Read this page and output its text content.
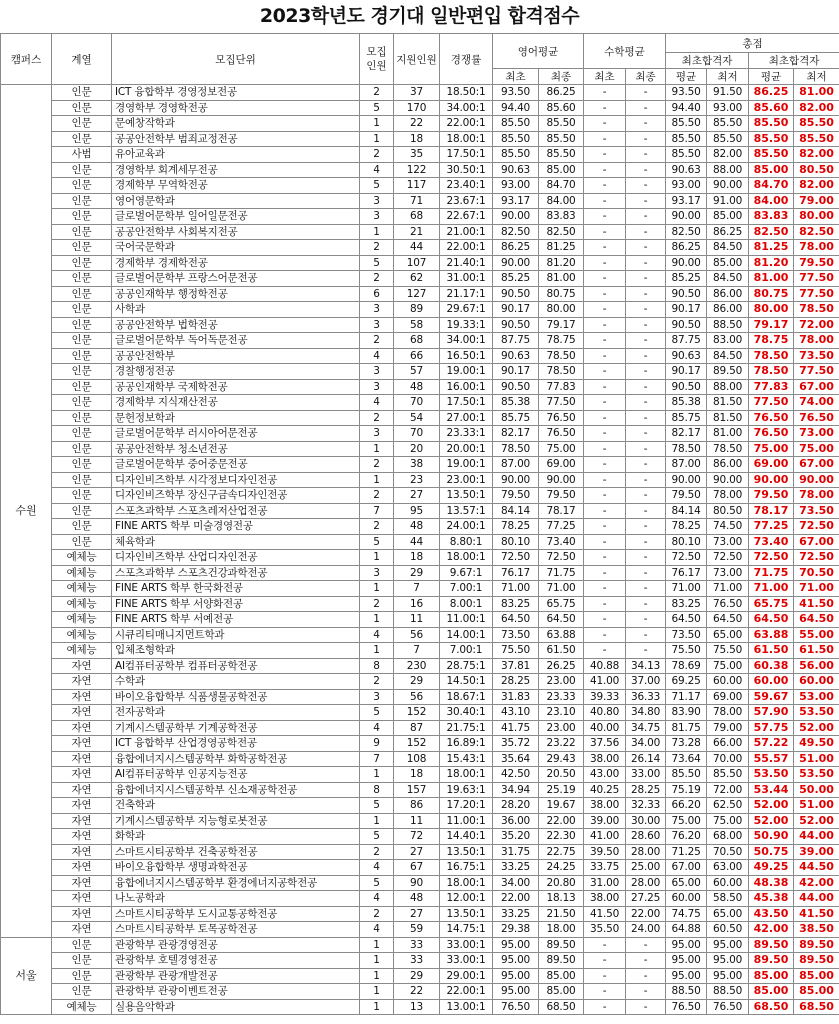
2023학년도 경기대 일반편입 합격점수
캠퍼스	계열	모집단위	모집
인원	지원인원	경쟁률	영어평균		수학평균		총점			
										최초합격자		최초합격자	
						최초	최종	최초	최종	평균	최저	평균	최저
수원	인문	ICT 융합학부 경영정보전공	2	37	18.50:1	93.50	86.25	-	-	93.50	91.50	86.25	81.00
	인문	경영학부 경영학전공	5	170	34.00:1	94.40	85.60	-	-	94.40	93.00	85.60	82.00
	인문	문예창작학과	1	22	22.00:1	85.50	85.50	-	-	85.50	85.50	85.50	85.50
	인문	공공안전학부 범죄교정전공	1	18	18.00:1	85.50	85.50	-	-	85.50	85.50	85.50	85.50
	사범	유아교육과	2	35	17.50:1	85.50	85.50	-	-	85.50	82.00	85.50	82.00
	인문	경영학부 회계세무전공	4	122	30.50:1	90.63	85.00	-	-	90.63	88.00	85.00	80.50
	인문	경제학부 무역학전공	5	117	23.40:1	93.00	84.70	-	-	93.00	90.00	84.70	82.00
	인문	영어영문학과	3	71	23.67:1	93.17	84.00	-	-	93.17	91.00	84.00	79.00
	인문	글로벌어문학부 일어일문전공	3	68	22.67:1	90.00	83.83	-	-	90.00	85.00	83.83	80.00
	인문	공공안전학부 사회복지전공	1	21	21.00:1	82.50	82.50	-	-	82.50	86.25	82.50	82.50
	인문	국어국문학과	2	44	22.00:1	86.25	81.25	-	-	86.25	84.50	81.25	78.00
	인문	경제학부 경제학전공	5	107	21.40:1	90.00	81.20	-	-	90.00	85.00	81.20	79.50
	인문	글로벌어문학부 프랑스어문전공	2	62	31.00:1	85.25	81.00	-	-	85.25	84.50	81.00	77.50
	인문	공공인재학부 행정학전공	6	127	21.17:1	90.50	80.75	-	-	90.50	86.00	80.75	77.50
	인문	사학과	3	89	29.67:1	90.17	80.00	-	-	90.17	86.00	80.00	78.50
	인문	공공안전학부 법학전공	3	58	19.33:1	90.50	79.17	-	-	90.50	88.50	79.17	72.00
	인문	글로벌어문학부 독어독문전공	2	68	34.00:1	87.75	78.75	-	-	87.75	83.00	78.75	78.00
	인문	공공안전학부	4	66	16.50:1	90.63	78.50	-	-	90.63	84.50	78.50	73.50
	인문	경찰행정전공	3	57	19.00:1	90.17	78.50	-	-	90.17	89.50	78.50	77.50
	인문	공공인재학부 국제학전공	3	48	16.00:1	90.50	77.83	-	-	90.50	88.00	77.83	67.00
	인문	경제학부 지식재산전공	4	70	17.50:1	85.38	77.50	-	-	85.38	81.50	77.50	74.00
	인문	문헌정보학과	2	54	27.00:1	85.75	76.50	-	-	85.75	81.50	76.50	76.50
	인문	글로벌어문학부 러시아어문전공	3	70	23.33:1	82.17	76.50	-	-	82.17	81.00	76.50	73.00
	인문	공공안전학부 청소년전공	1	20	20.00:1	78.50	75.00	-	-	78.50	78.50	75.00	75.00
	인문	글로벌어문학부 중어중문전공	2	38	19.00:1	87.00	69.00	-	-	87.00	86.00	69.00	67.00
	인문	디자인비즈학부 시각정보디자인전공	1	23	23.00:1	90.00	90.00	-	-	90.00	90.00	90.00	90.00
	인문	디자인비즈학부 장신구금속디자인전공	2	27	13.50:1	79.50	79.50	-	-	79.50	78.00	79.50	78.00
	인문	스포츠과학부 스포츠레저산업전공	7	95	13.57:1	84.14	78.17	-	-	84.14	80.50	78.17	73.50
	인문	FINE ARTS 학부 미술경영전공	2	48	24.00:1	78.25	77.25	-	-	78.25	74.50	77.25	72.50
	인문	체육학과	5	44	8.80:1	80.10	73.40	-	-	80.10	73.00	73.40	67.00
	예체능	디자인비즈학부 산업디자인전공	1	18	18.00:1	72.50	72.50	-	-	72.50	72.50	72.50	72.50
	예체능	스포츠과학부 스포츠건강과학전공	3	29	9.67:1	76.17	71.75	-	-	76.17	73.00	71.75	70.50
	예체능	FINE ARTS 학부 한국화전공	1	7	7.00:1	71.00	71.00	-	-	71.00	71.00	71.00	71.00
	예체능	FINE ARTS 학부 서양화전공	2	16	8.00:1	83.25	65.75	-	-	83.25	76.50	65.75	41.50
	예체능	FINE ARTS 학부 서예전공	1	11	11.00:1	64.50	64.50	-	-	64.50	64.50	64.50	64.50
	예체능	시큐리티매니지먼트학과	4	56	14.00:1	73.50	63.88	-	-	73.50	65.00	63.88	55.00
	예체능	입체조형학과	1	7	7.00:1	75.50	61.50	-	-	75.50	75.50	61.50	61.50
	자연	AI컴퓨터공학부 컴퓨터공학전공	8	230	28.75:1	37.81	26.25	40.88	34.13	78.69	75.00	60.38	56.00
	자연	수학과	2	29	14.50:1	28.25	23.00	41.00	37.00	69.25	60.00	60.00	60.00
	자연	바이오융합학부 식품생물공학전공	3	56	18.67:1	31.83	23.33	39.33	36.33	71.17	69.00	59.67	53.00
	자연	전자공학과	5	152	30.40:1	43.10	23.10	40.80	34.80	83.90	78.00	57.90	53.50
	자연	기계시스템공학부 기계공학전공	4	87	21.75:1	41.75	23.00	40.00	34.75	81.75	79.00	57.75	52.00
	자연	ICT 융합학부 산업경영공학전공	9	152	16.89:1	35.72	23.22	37.56	34.00	73.28	66.00	57.22	49.50
	자연	융합에너지시스템공학부 화학공학전공	7	108	15.43:1	35.64	29.43	38.00	26.14	73.64	70.00	55.57	51.00
	자연	AI컴퓨터공학부 인공지능전공	1	18	18.00:1	42.50	20.50	43.00	33.00	85.50	85.50	53.50	53.50
	자연	융합에너지시스템공학부 신소재공학전공	8	157	19.63:1	34.94	25.19	40.25	28.25	75.19	72.00	53.44	50.00
	자연	건축학과	5	86	17.20:1	28.20	19.67	38.00	32.33	66.20	62.50	52.00	51.00
	자연	기계시스템공학부 지능형로봇전공	1	11	11.00:1	36.00	22.00	39.00	30.00	75.00	75.00	52.00	52.00
	자연	화학과	5	72	14.40:1	35.20	22.30	41.00	28.60	76.20	68.00	50.90	44.00
	자연	스마트시티공학부 건축공학전공	2	27	13.50:1	31.75	22.75	39.50	28.00	71.25	70.50	50.75	39.00
	자연	바이오융합학부 생명과학전공	4	67	16.75:1	33.25	24.25	33.75	25.00	67.00	63.00	49.25	44.50
	자연	융합에너지시스템공학부 환경에너지공학전공	5	90	18.00:1	34.00	20.80	31.00	28.00	65.00	60.00	48.38	42.00
	자연	나노공학과	4	48	12.00:1	22.00	18.13	38.00	27.25	60.00	58.50	45.38	44.00
	자연	스마트시티공학부 도시교통공학전공	2	27	13.50:1	33.25	21.50	41.50	22.00	74.75	65.00	43.50	41.50
	자연	스마트시티공학부 토목공학전공	4	59	14.75:1	29.38	18.00	35.50	24.00	64.88	60.50	42.00	38.50
서울	인문	관광학부 관광경영전공	1	33	33.00:1	95.00	89.50	-	-	95.00	95.00	89.50	89.50
	인문	관광학부 호텔경영전공	1	33	33.00:1	95.00	89.50	-	-	95.00	95.00	89.50	89.50
	인문	관광학부 관광개발전공	1	29	29.00:1	95.00	85.00	-	-	95.00	95.00	85.00	85.00
	인문	관광학부 관광이벤트전공	1	22	22.00:1	95.00	85.00	-	-	88.50	88.50	85.00	85.00
	예체능	실용음악학과	1	13	13.00:1	76.50	68.50	-	-	76.50	76.50	68.50	68.50
